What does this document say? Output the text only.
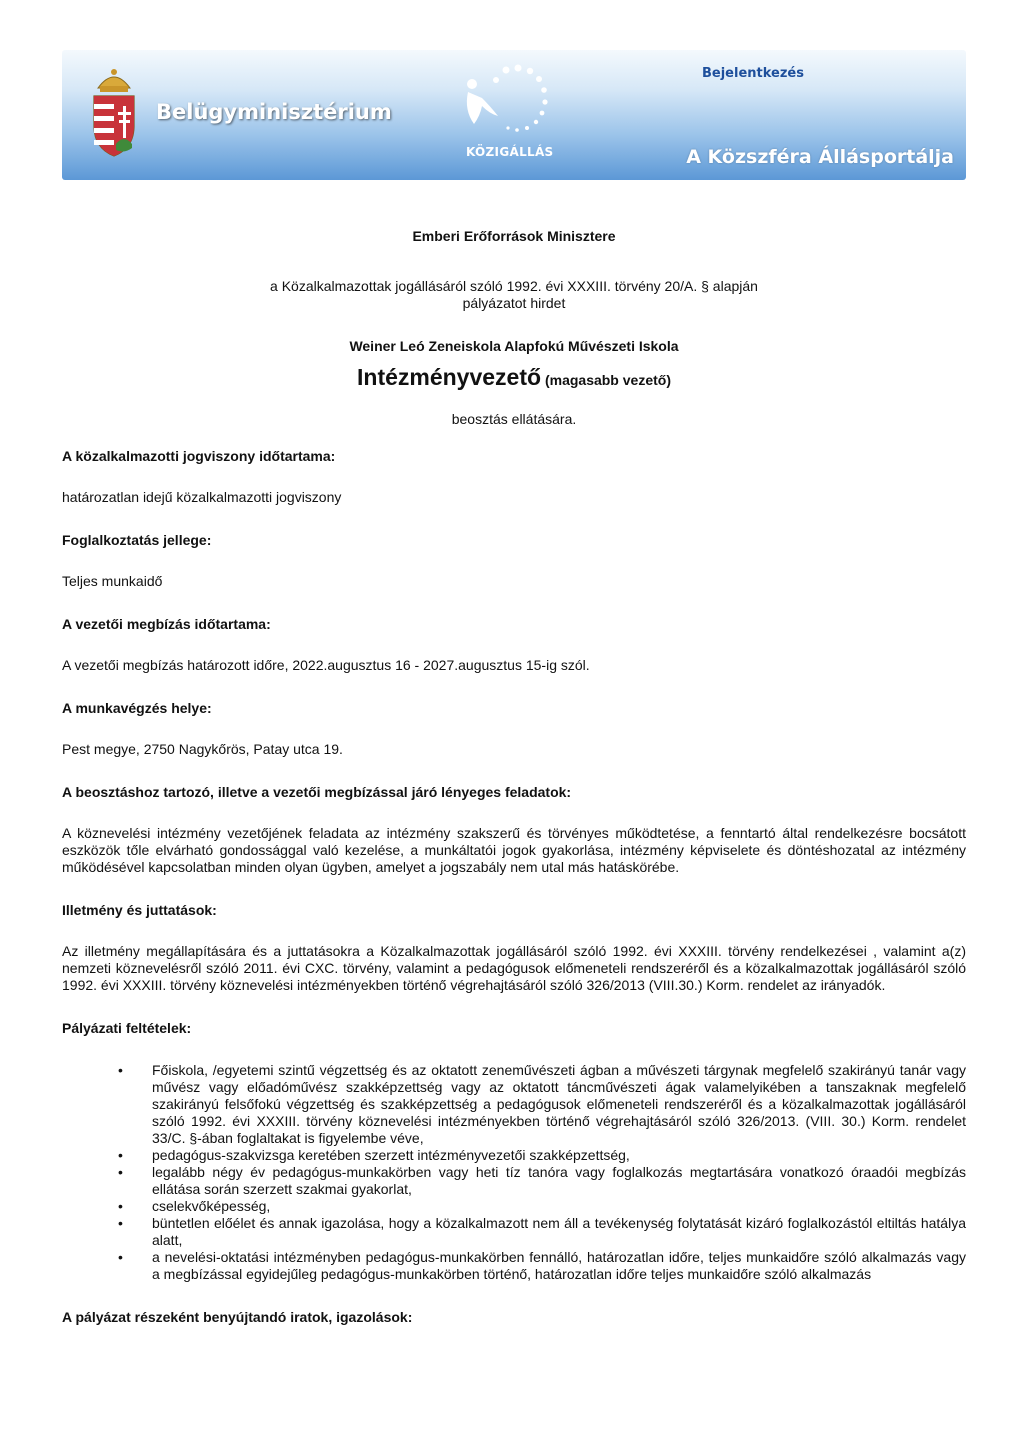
Belügyminisztérium
KÖZIGÁLLÁS
Bejelentkezés
A Közszféra Állásportálja

Emberi Erőforrások Minisztere

a Közalkalmazottak jogállásáról szóló 1992. évi XXXIII. törvény 20/A. § alapján
pályázatot hirdet

Weiner Leó Zeneiskola Alapfokú Művészeti Iskola

Intézményvezető (magasabb vezető)

beosztás ellátására.

A közalkalmazotti jogviszony időtartama:

határozatlan idejű közalkalmazotti jogviszony

Foglalkoztatás jellege:

Teljes munkaidő

A vezetői megbízás időtartama:

A vezetői megbízás határozott időre, 2022.augusztus 16 - 2027.augusztus 15-ig szól.

A munkavégzés helye:

Pest megye, 2750 Nagykőrös, Patay utca 19.

A beosztáshoz tartozó, illetve a vezetői megbízással járó lényeges feladatok:

A köznevelési intézmény vezetőjének feladata az intézmény szakszerű és törvényes működtetése, a fenntartó által rendelkezésre bocsátott eszközök tőle elvárható gondossággal való kezelése, a munkáltatói jogok gyakorlása, intézmény képviselete és döntéshozatal az intézmény működésével kapcsolatban minden olyan ügyben, amelyet a jogszabály nem utal más hatáskörébe.

Illetmény és juttatások:

Az illetmény megállapítására és a juttatásokra a Közalkalmazottak jogállásáról szóló 1992. évi XXXIII. törvény rendelkezései , valamint a(z) nemzeti köznevelésről szóló 2011. évi CXC. törvény, valamint a pedagógusok előmeneteli rendszeréről és a közalkalmazottak jogállásáról szóló 1992. évi XXXIII. törvény köznevelési intézményekben történő végrehajtásáról szóló 326/2013 (VIII.30.) Korm. rendelet az irányadók.

Pályázati feltételek:
• Főiskola, /egyetemi szintű végzettség és az oktatott zeneművészeti ágban a művészeti tárgynak megfelelő szakirányú tanár vagy művész vagy előadóművész szakképzettség vagy az oktatott táncművészeti ágak valamelyikében a tanszaknak megfelelő szakirányú felsőfokú végzettség és szakképzettség a pedagógusok előmeneteli rendszeréről és a közalkalmazottak jogállásáról szóló 1992. évi XXXIII. törvény köznevelési intézményekben történő végrehajtásáról szóló 326/2013. (VIII. 30.) Korm. rendelet 33/C. §-ában foglaltakat is figyelembe véve,
• pedagógus-szakvizsga keretében szerzett intézményvezetői szakképzettség,
• legalább négy év pedagógus-munkakörben vagy heti tíz tanóra vagy foglalkozás megtartására vonatkozó óraadói megbízás ellátása során szerzett szakmai gyakorlat,
• cselekvőképesség,
• büntetlen előélet és annak igazolása, hogy a közalkalmazott nem áll a tevékenység folytatását kizáró foglalkozástól eltiltás hatálya alatt,
• a nevelési-oktatási intézményben pedagógus-munkakörben fennálló, határozatlan időre, teljes munkaidőre szóló alkalmazás vagy a megbízással egyidejűleg pedagógus-munkakörben történő, határozatlan időre teljes munkaidőre szóló alkalmazás
A pályázat részeként benyújtandó iratok, igazolások:
